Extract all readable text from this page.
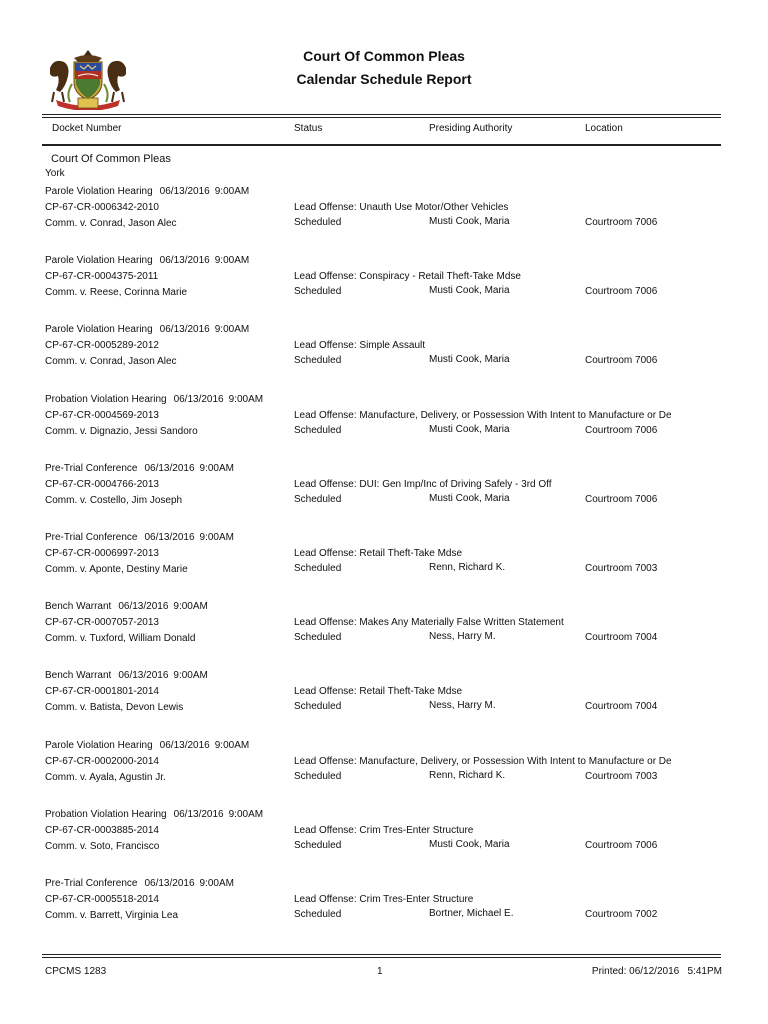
Court Of Common Pleas
Calendar Schedule Report
Docket Number	Status	Presiding Authority	Location
Court Of Common Pleas
York
Parole Violation Hearing 06/13/2016 9:00AM
CP-67-CR-0006342-2010
Comm. v. Conrad, Jason Alec
Lead Offense: Unauth Use Motor/Other Vehicles
Scheduled	Musti Cook, Maria	Courtroom 7006
Parole Violation Hearing 06/13/2016 9:00AM
CP-67-CR-0004375-2011
Comm. v. Reese, Corinna Marie
Lead Offense: Conspiracy - Retail Theft-Take Mdse
Scheduled	Musti Cook, Maria	Courtroom 7006
Parole Violation Hearing 06/13/2016 9:00AM
CP-67-CR-0005289-2012
Comm. v. Conrad, Jason Alec
Lead Offense: Simple Assault
Scheduled	Musti Cook, Maria	Courtroom 7006
Probation Violation Hearing 06/13/2016 9:00AM
CP-67-CR-0004569-2013
Comm. v. Dignazio, Jessi Sandoro
Lead Offense: Manufacture, Delivery, or Possession With Intent to Manufacture or De
Scheduled	Musti Cook, Maria	Courtroom 7006
Pre-Trial Conference 06/13/2016 9:00AM
CP-67-CR-0004766-2013
Comm. v. Costello, Jim Joseph
Lead Offense: DUI: Gen Imp/Inc of Driving Safely - 3rd Off
Scheduled	Musti Cook, Maria	Courtroom 7006
Pre-Trial Conference 06/13/2016 9:00AM
CP-67-CR-0006997-2013
Comm. v. Aponte, Destiny Marie
Lead Offense: Retail Theft-Take Mdse
Scheduled	Renn, Richard K.	Courtroom 7003
Bench Warrant 06/13/2016 9:00AM
CP-67-CR-0007057-2013
Comm. v. Tuxford, William Donald
Lead Offense: Makes Any Materially False Written Statement
Scheduled	Ness, Harry M.	Courtroom 7004
Bench Warrant 06/13/2016 9:00AM
CP-67-CR-0001801-2014
Comm. v. Batista, Devon Lewis
Lead Offense: Retail Theft-Take Mdse
Scheduled	Ness, Harry M.	Courtroom 7004
Parole Violation Hearing 06/13/2016 9:00AM
CP-67-CR-0002000-2014
Comm. v. Ayala, Agustin Jr.
Lead Offense: Manufacture, Delivery, or Possession With Intent to Manufacture or De
Scheduled	Renn, Richard K.	Courtroom 7003
Probation Violation Hearing 06/13/2016 9:00AM
CP-67-CR-0003885-2014
Comm. v. Soto, Francisco
Lead Offense: Crim Tres-Enter Structure
Scheduled	Musti Cook, Maria	Courtroom 7006
Pre-Trial Conference 06/13/2016 9:00AM
CP-67-CR-0005518-2014
Comm. v. Barrett, Virginia Lea
Lead Offense: Crim Tres-Enter Structure
Scheduled	Bortner, Michael E.	Courtroom 7002
CPCMS 1283	1	Printed: 06/12/2016   5:41PM
